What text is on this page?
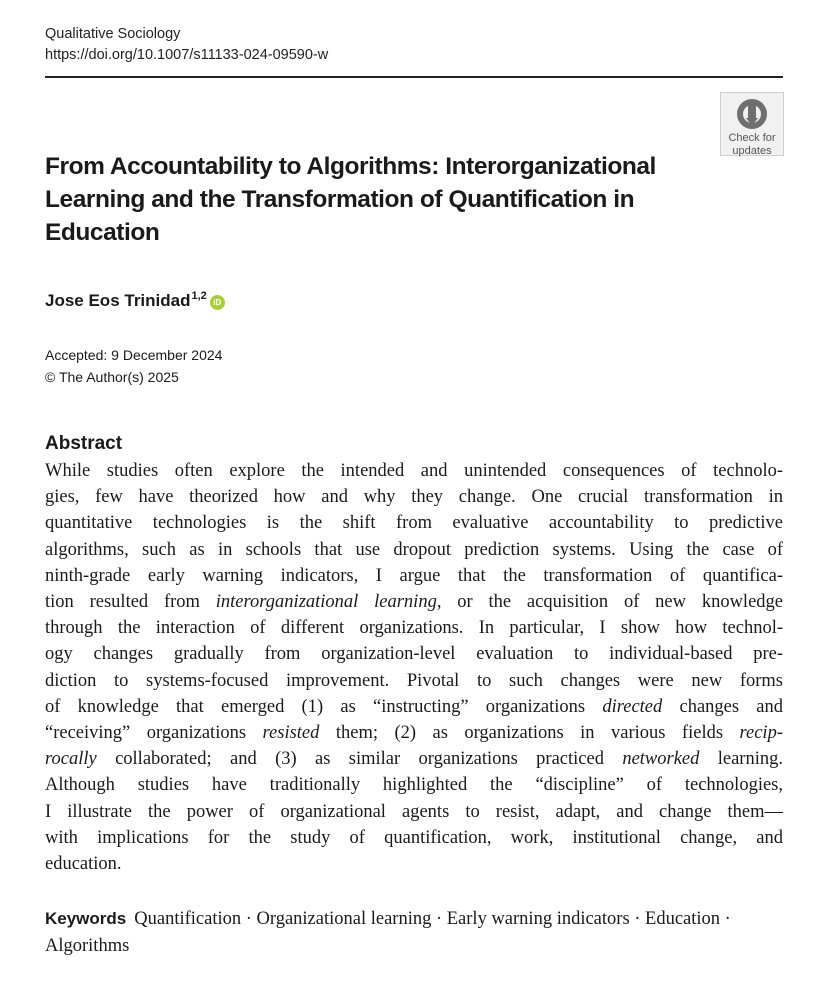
Qualitative Sociology
https://doi.org/10.1007/s11133-024-09590-w
Check for
updates
From Accountability to Algorithms: Interorganizational Learning and the Transformation of Quantification in Education
Jose Eos Trinidad$^{1,2}$iD
Accepted: 9 December 2024
© The Author(s) 2025
Abstract
While studies often explore the intended and unintended consequences of technolo-
gies, few have theorized how and why they change. One crucial transformation in
quantitative technologies is the shift from evaluative accountability to predictive
algorithms, such as in schools that use dropout prediction systems. Using the case of
ninth-grade early warning indicators, I argue that the transformation of quantifica-
tion resulted from interorganizational learning, or the acquisition of new knowledge
through the interaction of different organizations. In particular, I show how technol-
ogy changes gradually from organization-level evaluation to individual-based pre-
diction to systems-focused improvement. Pivotal to such changes were new forms
of knowledge that emerged (1) as “instructing” organizations directed changes and
“receiving” organizations resisted them; (2) as organizations in various fields recip-
rocally collaborated; and (3) as similar organizations practiced networked learning.
Although studies have traditionally highlighted the “discipline” of technologies,
I illustrate the power of organizational agents to resist, adapt, and change them—
with implications for the study of quantification, work, institutional change, and
education.
Keywords Quantification · Organizational learning · Early warning indicators · Education · Algorithms
